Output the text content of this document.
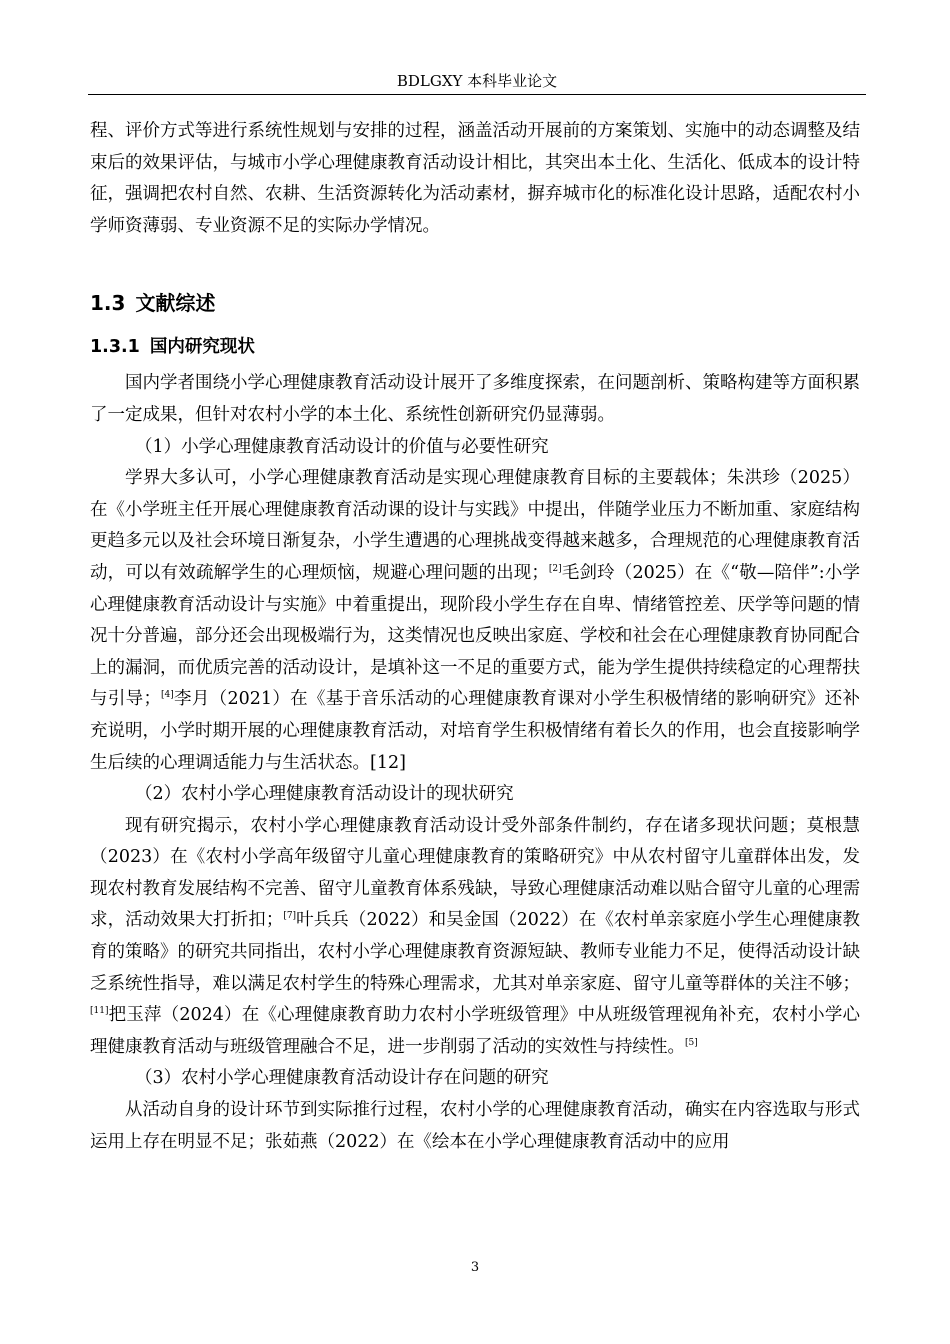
BDLGXY 本科毕业论文

程、评价方式等进行系统性规划与安排的过程，涵盖活动开展前的方案策划、实施中的动态调整及结束后的效果评估，与城市小学心理健康教育活动设计相比，其突出本土化、生活化、低成本的设计特征，强调把农村自然、农耕、生活资源转化为活动素材，摒弃城市化的标准化设计思路，适配农村小学师资薄弱、专业资源不足的实际办学情况。

1.3 文献综述
1.3.1 国内研究现状

国内学者围绕小学心理健康教育活动设计展开了多维度探索，在问题剖析、策略构建等方面积累了一定成果，但针对农村小学的本土化、系统性创新研究仍显薄弱。

（1）小学心理健康教育活动设计的价值与必要性研究

学界大多认可，小学心理健康教育活动是实现心理健康教育目标的主要载体；朱洪珍（2025）在《小学班主任开展心理健康教育活动课的设计与实践》中提出，伴随学业压力不断加重、家庭结构更趋多元以及社会环境日渐复杂，小学生遭遇的心理挑战变得越来越多，合理规范的心理健康教育活动，可以有效疏解学生的心理烦恼，规避心理问题的出现；[2]毛剑玲（2025）在《“敬—陪伴”:小学心理健康教育活动设计与实施》中着重提出，现阶段小学生存在自卑、情绪管控差、厌学等问题的情况十分普遍，部分还会出现极端行为，这类情况也反映出家庭、学校和社会在心理健康教育协同配合上的漏洞，而优质完善的活动设计，是填补这一不足的重要方式，能为学生提供持续稳定的心理帮扶与引导；[4]李月（2021）在《基于音乐活动的心理健康教育课对小学生积极情绪的影响研究》还补充说明，小学时期开展的心理健康教育活动，对培育学生积极情绪有着长久的作用，也会直接影响学生后续的心理调适能力与生活状态。[12]

（2）农村小学心理健康教育活动设计的现状研究

现有研究揭示，农村小学心理健康教育活动设计受外部条件制约，存在诸多现状问题；莫根慧（2023）在《农村小学高年级留守儿童心理健康教育的策略研究》中从农村留守儿童群体出发，发现农村教育发展结构不完善、留守儿童教育体系残缺，导致心理健康活动难以贴合留守儿童的心理需求，活动效果大打折扣；[7]叶兵兵（2022）和吴金国（2022）在《农村单亲家庭小学生心理健康教育的策略》的研究共同指出，农村小学心理健康教育资源短缺、教师专业能力不足，使得活动设计缺乏系统性指导，难以满足农村学生的特殊心理需求，尤其对单亲家庭、留守儿童等群体的关注不够；[11]把玉萍（2024）在《心理健康教育助力农村小学班级管理》中从班级管理视角补充，农村小学心理健康教育活动与班级管理融合不足，进一步削弱了活动的实效性与持续性。[5]

（3）农村小学心理健康教育活动设计存在问题的研究

从活动自身的设计环节到实际推行过程，农村小学的心理健康教育活动，确实在内容选取与形式运用上存在明显不足；张茹燕（2022）在《绘本在小学心理健康教育活动中的应用

3
